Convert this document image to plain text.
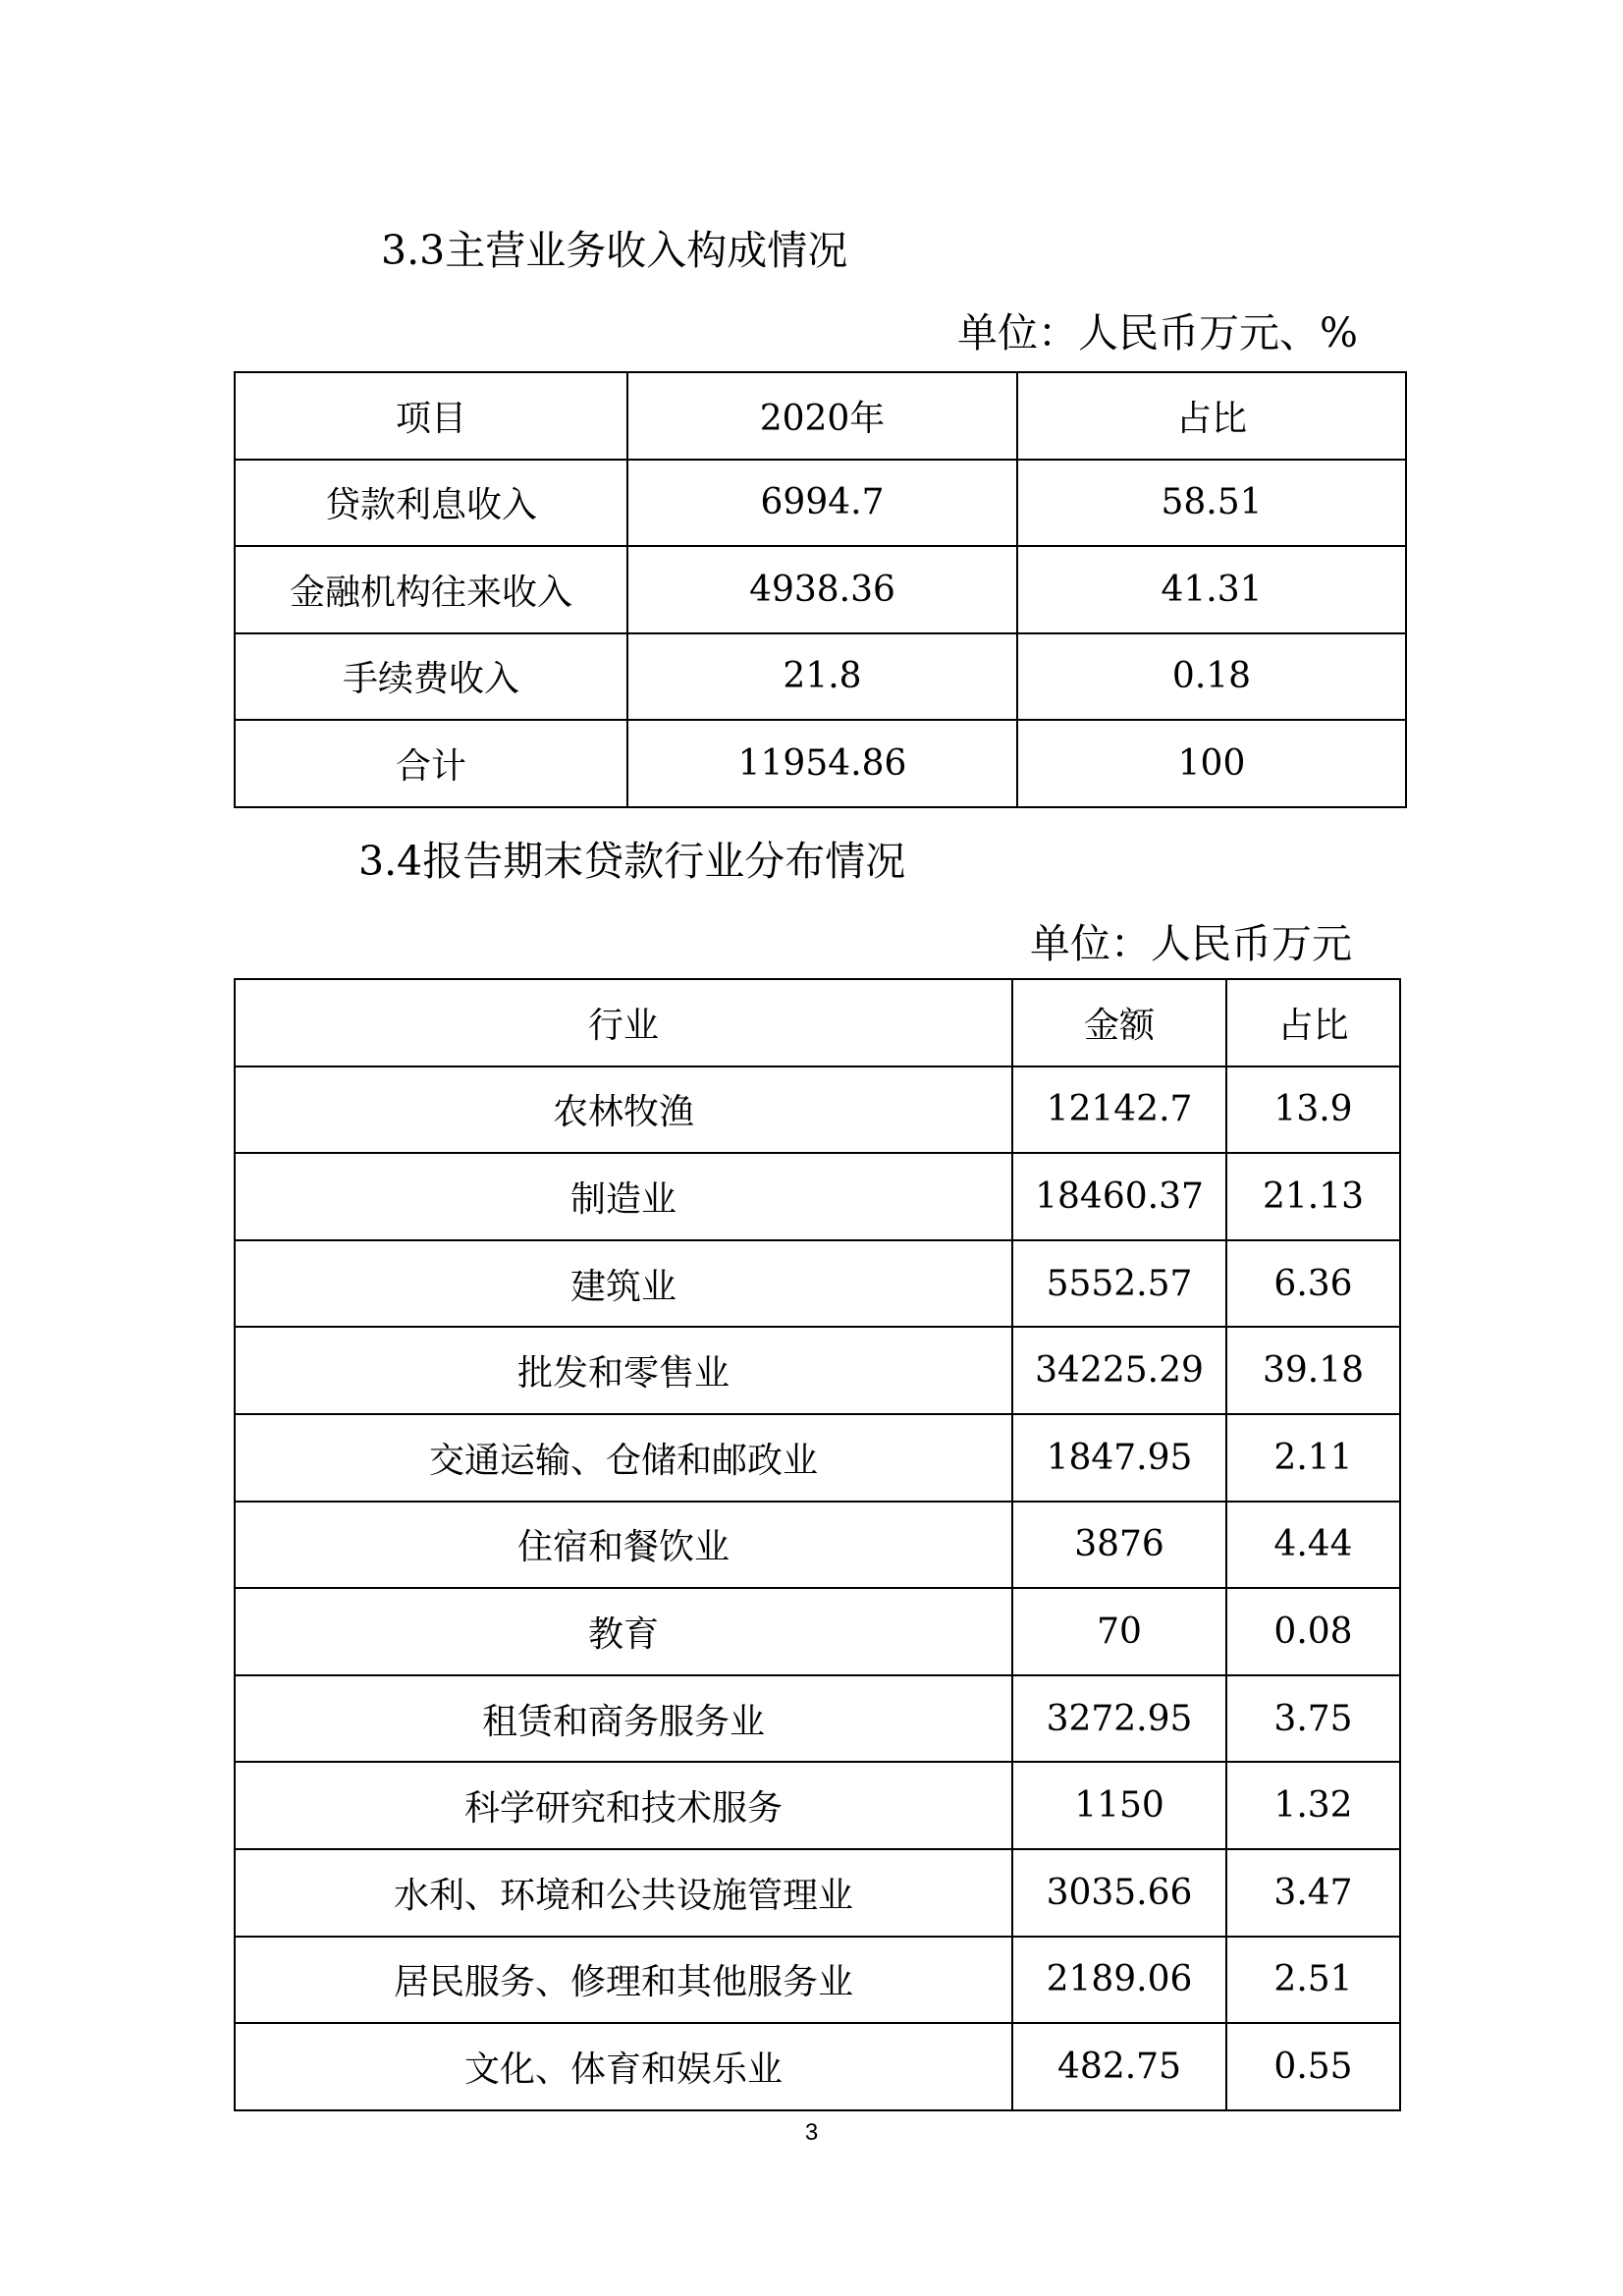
3.3主营业务收入构成情况
单位：人民币万元、%
项目	2020年	占比
贷款利息收入	6994.7	58.51
金融机构往来收入	4938.36	41.31
手续费收入	21.8	0.18
合计	11954.86	100
3.4报告期末贷款行业分布情况
单位：人民币万元
行业	金额	占比
农林牧渔	12142.7	13.9
制造业	18460.37	21.13
建筑业	5552.57	6.36
批发和零售业	34225.29	39.18
交通运输、仓储和邮政业	1847.95	2.11
住宿和餐饮业	3876	4.44
教育	70	0.08
租赁和商务服务业	3272.95	3.75
科学研究和技术服务	1150	1.32
水利、环境和公共设施管理业	3035.66	3.47
居民服务、修理和其他服务业	2189.06	2.51
文化、体育和娱乐业	482.75	0.55
3
